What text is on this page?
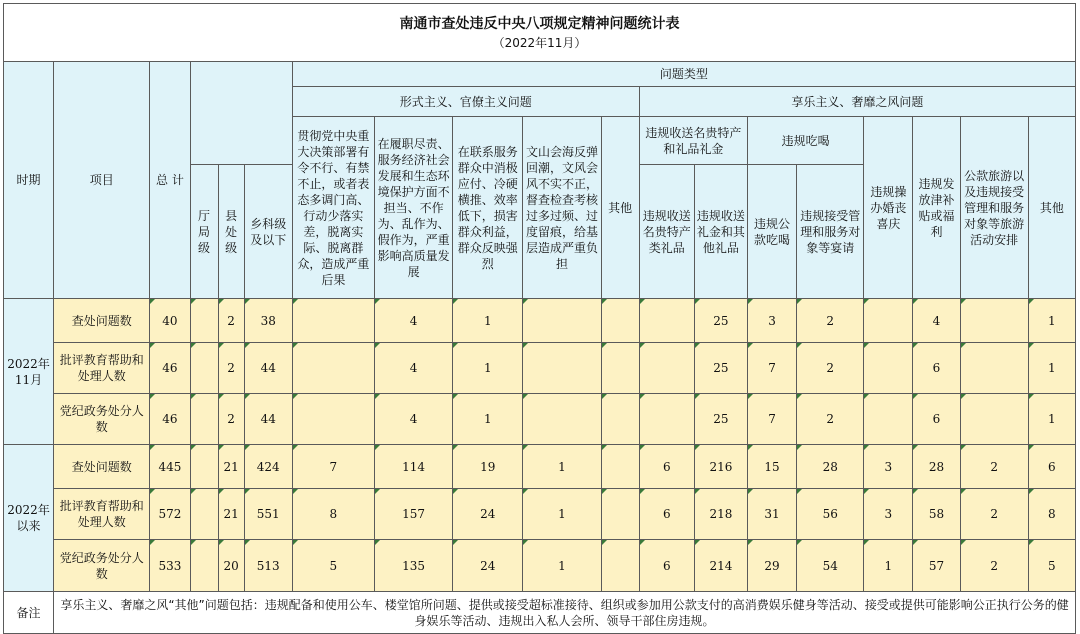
南通市查处违反中央八项规定精神问题统计表
（2022年11月）																		

时期	项目	总 计				问题类型												
						形式主义、官僚主义问题					享乐主义、奢靡之风问题							
						贯彻党中央重大决策部署有令不行、有禁不止，或者表态多调门高、行动少落实差，脱离实际、脱离群众，造成严重后果	在履职尽责、服务经济社会发展和生态环境保护方面不担当、不作为、乱作为、假作为，严重影响高质量发展	在联系服务群众中消极应付、冷硬横推、效率低下，损害群众利益，群众反映强烈	文山会海反弹回潮，文风会风不实不正，督查检查考核过多过频、过度留痕，给基层造成严重负担	其他	违规收送名贵特产和礼品礼金		违规吃喝		违规操办婚丧喜庆	违规发放津补贴或福利	公款旅游以及违规接受管理和服务对象等旅游活动安排	其他
			厅局级	县处级	乡科级及以下						违规收送名贵特产类礼品	违规收送礼金和其他礼品	违规公款吃喝	违规接受管理和服务对象等宴请				
2022年11月	查处问题数	40		2	38		4	1				25	3	2		4		1
	批评教育帮助和处理人数	46		2	44		4	1				25	7	2		6		1
	党纪政务处分人数	46		2	44		4	1				25	7	2		6		1
2022年以来	查处问题数	445		21	424	7	114	19	1		6	216	15	28	3	28	2	6
	批评教育帮助和处理人数	572		21	551	8	157	24	1		6	218	31	56	3	58	2	8
	党纪政务处分人数	533		20	513	5	135	24	1		6	214	29	54	1	57	2	5
备注	享乐主义、奢靡之风“其他”问题包括：违规配备和使用公车、楼堂馆所问题、提供或接受超标准接待、组织或参加用公款支付的高消费娱乐健身等活动、接受或提供可能影响公正执行公务的健身娱乐等活动、违规出入私人会所、领导干部住房违规。																	
